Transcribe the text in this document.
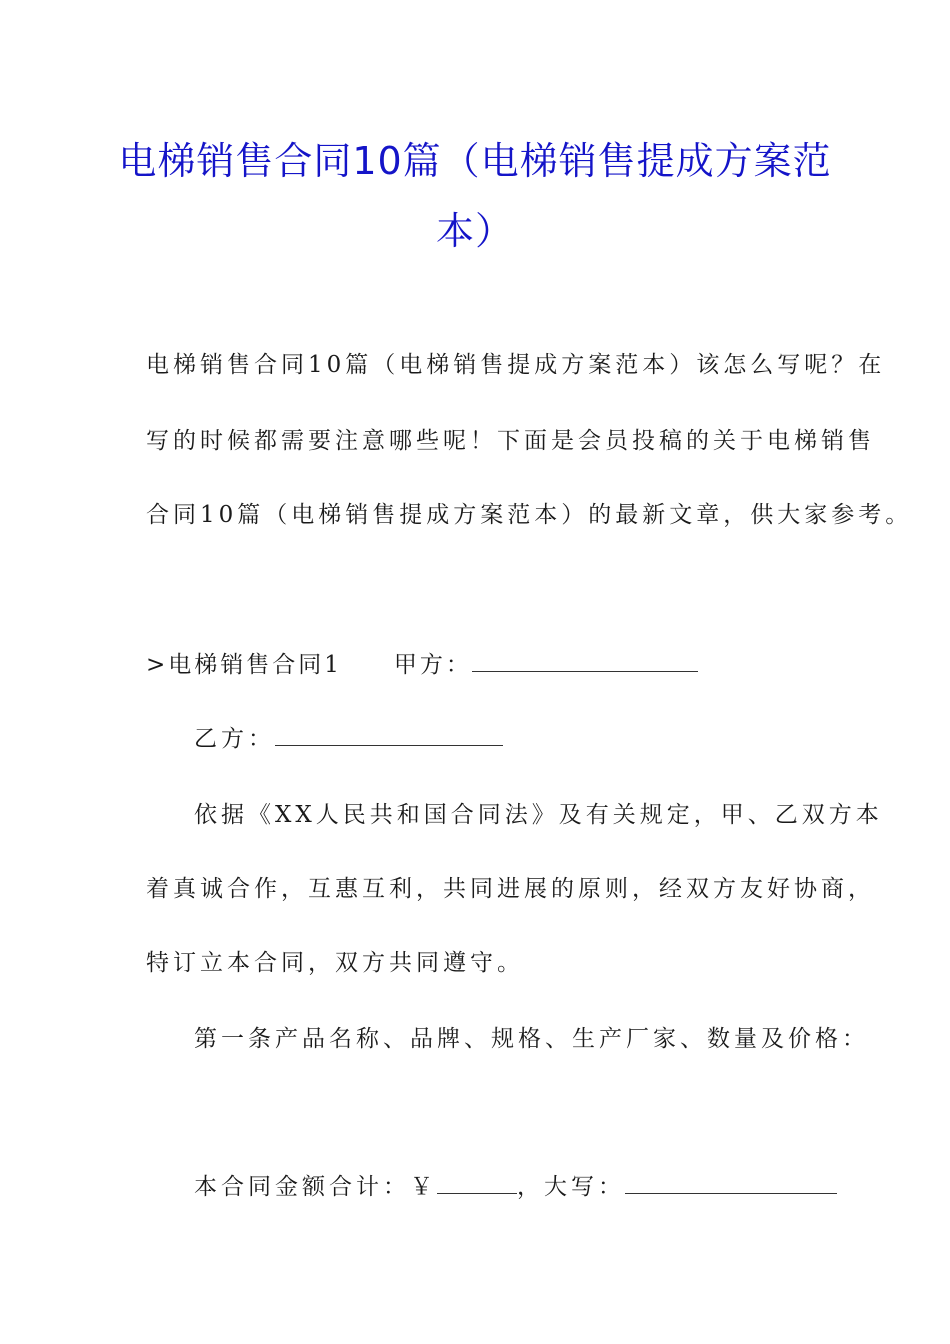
电梯销售合同10篇（电梯销售提成方案范
本）

电梯销售合同10篇（电梯销售提成方案范本）该怎么写呢？在

写的时候都需要注意哪些呢！下面是会员投稿的关于电梯销售

合同10篇（电梯销售提成方案范本）的最新文章，供大家参考。

>电梯销售合同1 甲方：
乙方：

依据《XX人民共和国合同法》及有关规定，甲、乙双方本

着真诚合作，互惠互利，共同进展的原则，经双方友好协商，

特订立本合同，双方共同遵守。

第一条产品名称、品牌、规格、生产厂家、数量及价格：

本合同金额合计：￥	，大写：
